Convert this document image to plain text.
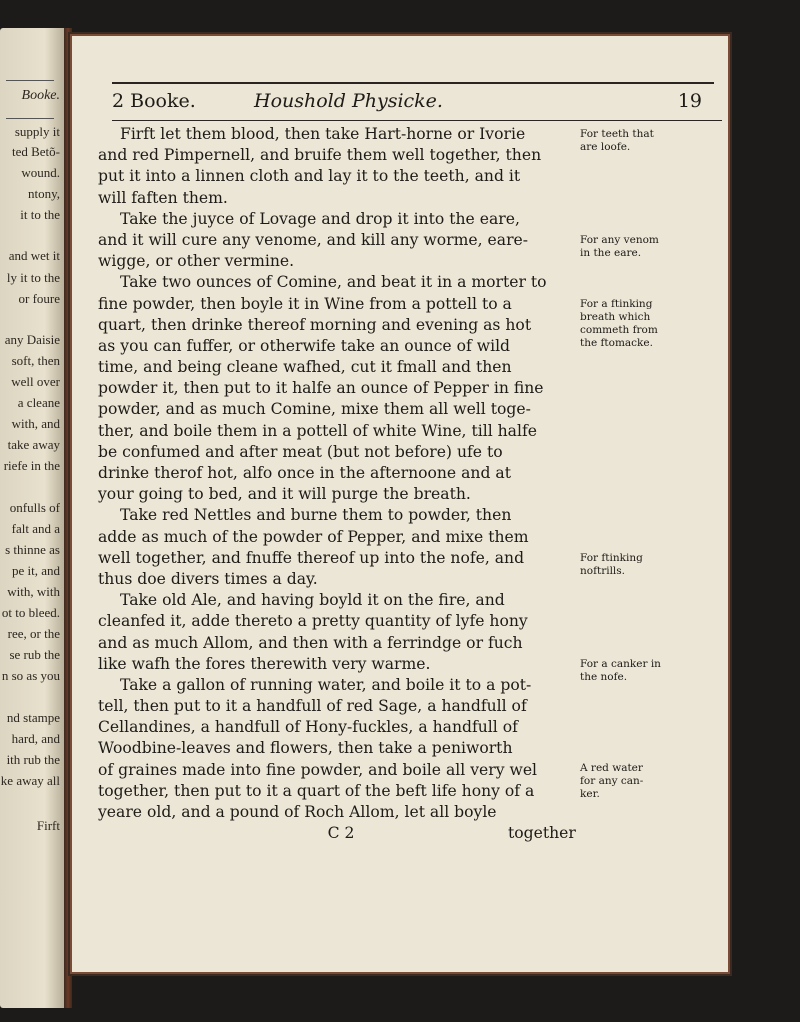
Booke.
supply it
ted Betõ-
wound.
ntony,
it to the
and wet it
ly it to the
or foure
any Daisie
soft, then
well over
a cleane
with, and
take away
riefe in the
onfulls of
falt and a
s thinne as
pe it, and
with, with
ot to bleed.
ree, or the
se rub the
n so as you
nd stampe
hard, and
ith rub the
ke away all
Firft
2 Booke.	Houshold Physicke.	19
Firft let them blood, then take Hart-horne or Ivorie
and red Pimpernell, and bruife them well together, then
put it into a linnen cloth and lay it to the teeth, and it
will faften them.
Take the juyce of Lovage and drop it into the eare,
and it will cure any venome, and kill any worme, eare-
wigge, or other vermine.
Take two ounces of Comine, and beat it in a morter to
fine powder, then boyle it in Wine from a pottell to a
quart, then drinke thereof morning and evening as hot
as you can fuffer, or otherwife take an ounce of wild
time, and being cleane wafhed, cut it fmall and then
powder it, then put to it halfe an ounce of Pepper in fine
powder, and as much Comine, mixe them all well toge-
ther, and boile them in a pottell of white Wine, till halfe
be confumed and after meat (but not before) ufe to
drinke therof hot, alfo once in the afternoone and at
your going to bed, and it will purge the breath.
Take red Nettles and burne them to powder, then
adde as much of the powder of Pepper, and mixe them
well together, and fnuffe thereof up into the nofe, and
thus doe divers times a day.
Take old Ale, and having boyld it on the fire, and
cleanfed it, adde thereto a pretty quantity of lyfe hony
and as much Allom, and then with a ferrindge or fuch
like wafh the fores therewith very warme.
Take a gallon of running water, and boile it to a pot-
tell, then put to it a handfull of red Sage, a handfull of
Cellandines, a handfull of Hony-fuckles, a handfull of
Woodbine-leaves and flowers, then take a peniworth
of graines made into fine powder, and boile all very wel
together, then put to it a quart of the beft life hony of a
yeare old, and a pound of Roch Allom, let all boyle
C 2	together
For teeth that
are loofe.
For any venom
in the eare.
For a ftinking
breath which
commeth from
the ftomacke.
For ftinking
noftrills.
For a canker in
the nofe.
A red water
for any can-
ker.
